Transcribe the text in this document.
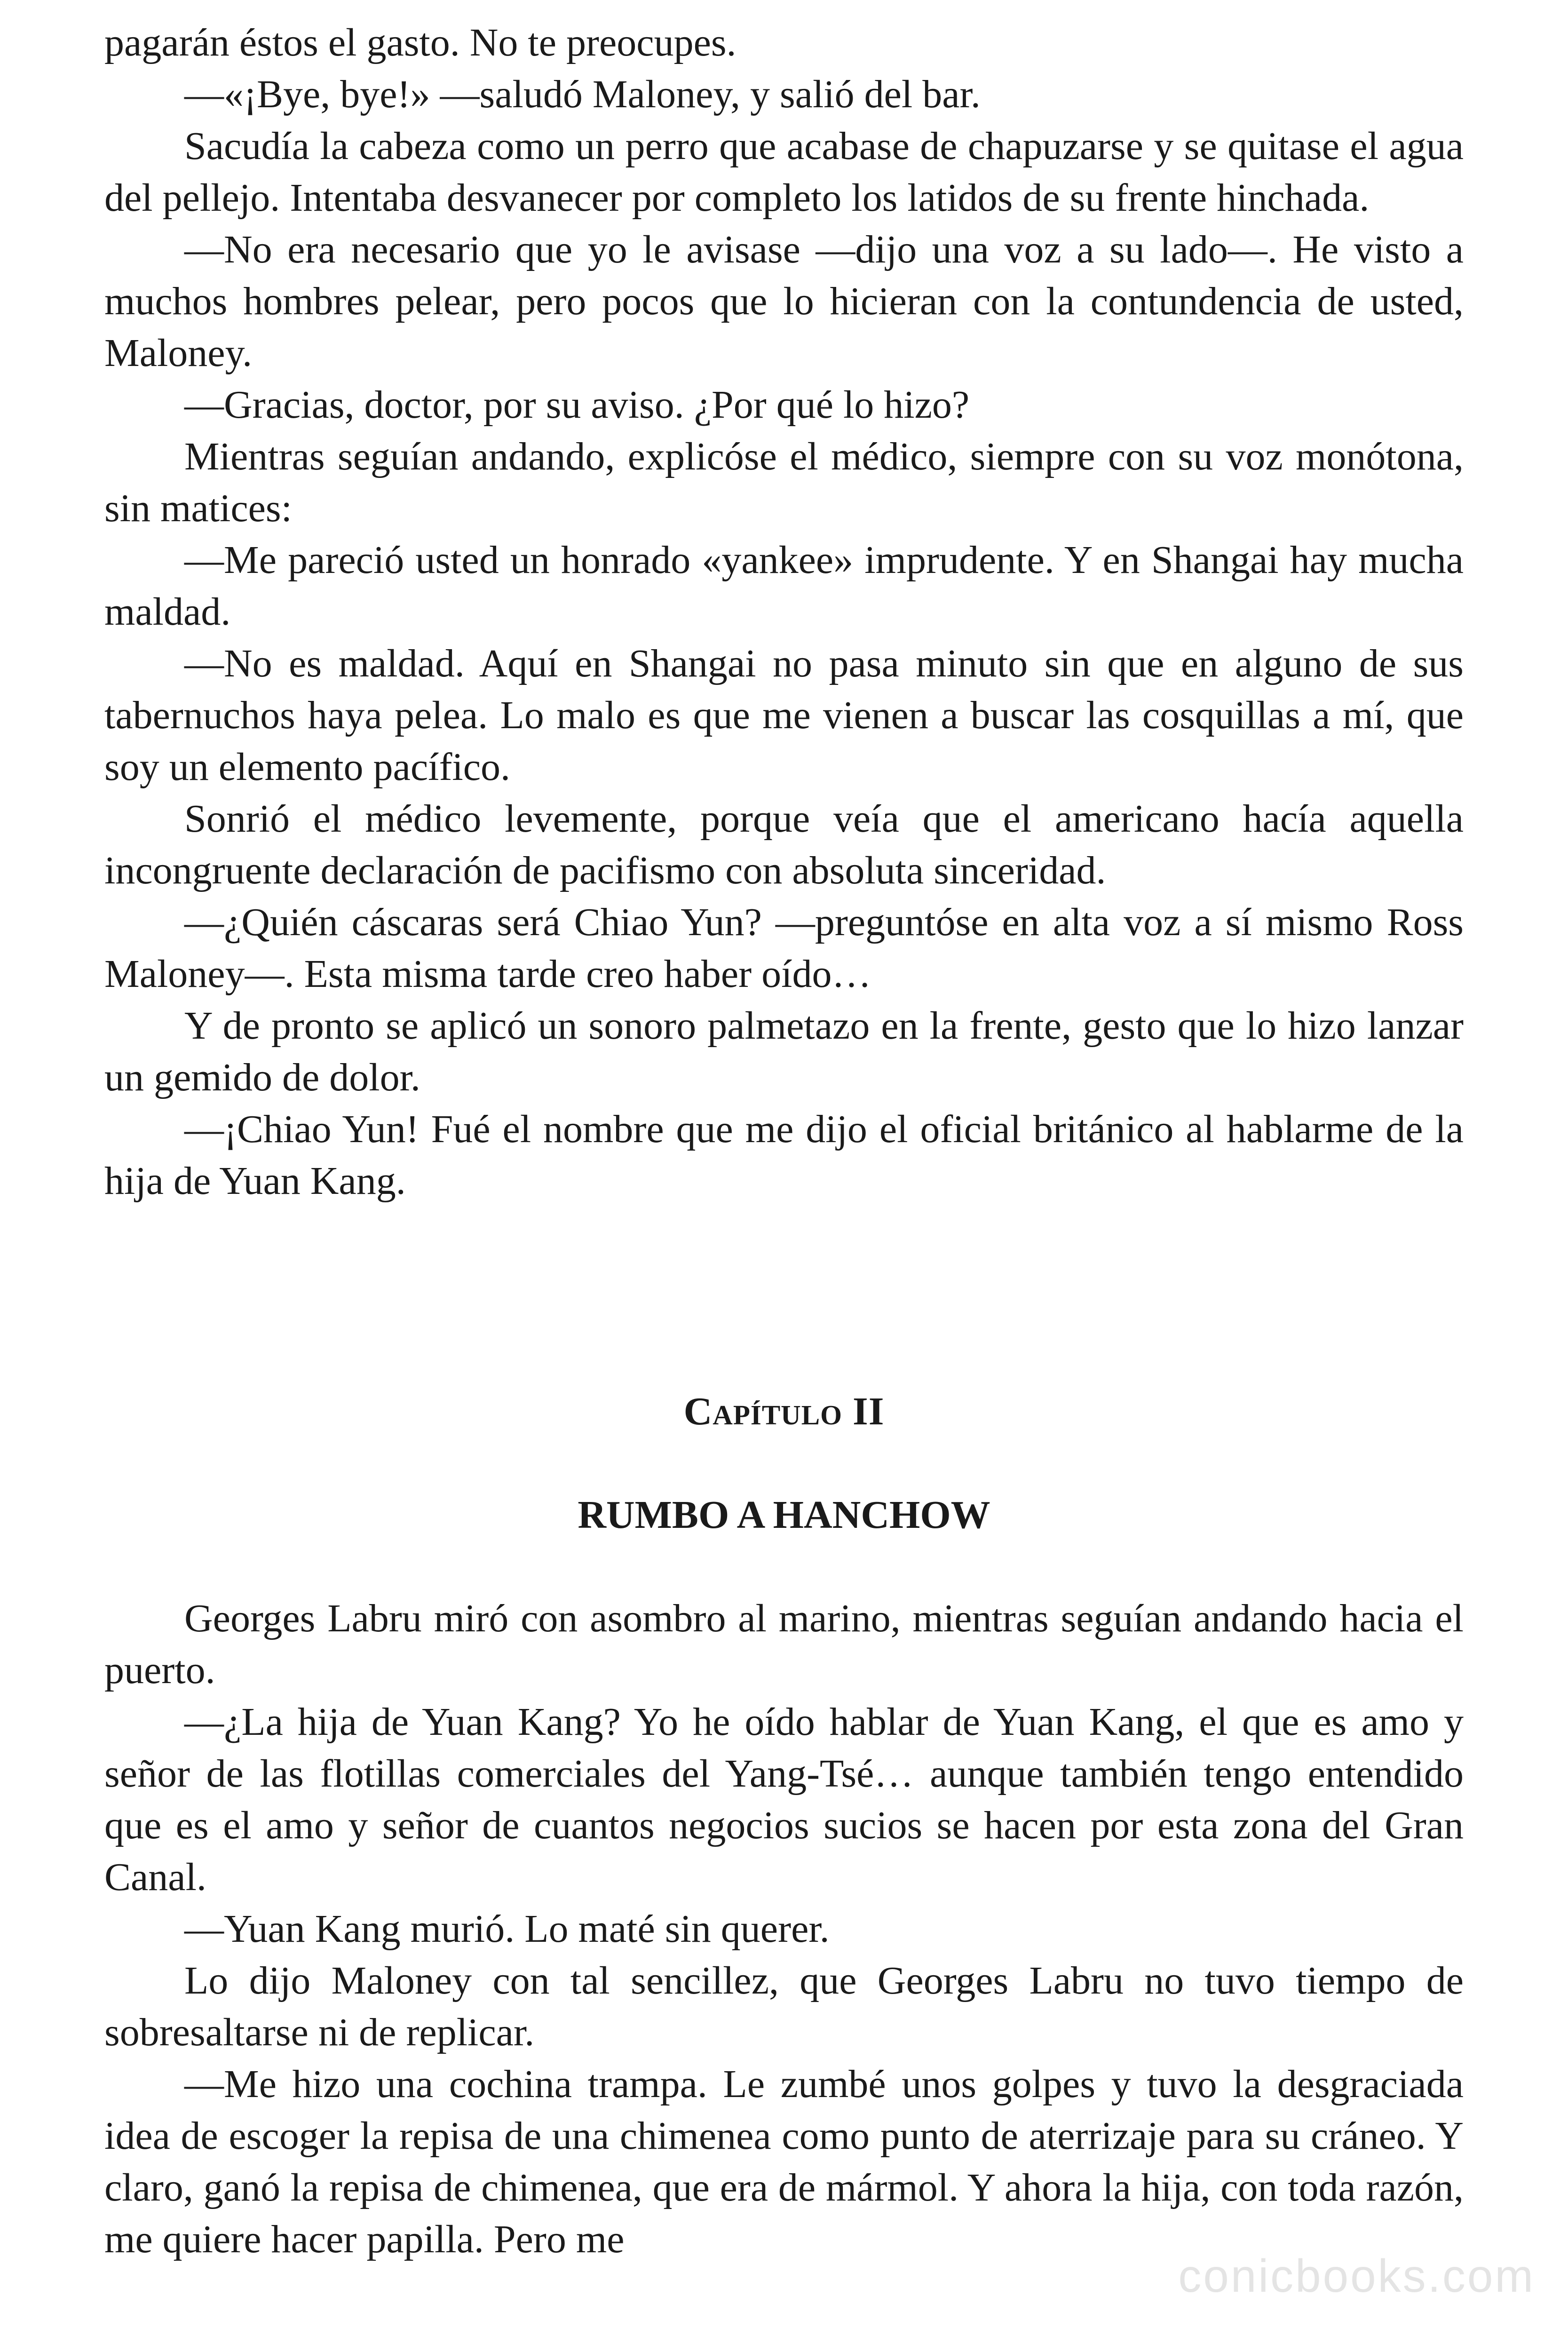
pagarán éstos el gasto. No te preocupes.

—«¡Bye, bye!» —saludó Maloney, y salió del bar.

Sacudía la cabeza como un perro que acabase de chapuzarse y se quitase el agua del pellejo. Intentaba desvanecer por completo los latidos de su frente hinchada.

—No era necesario que yo le avisase —dijo una voz a su lado—. He visto a muchos hombres pelear, pero pocos que lo hicieran con la contundencia de usted, Maloney.

—Gracias, doctor, por su aviso. ¿Por qué lo hizo?

Mientras seguían andando, explicóse el médico, siempre con su voz monótona, sin matices:

—Me pareció usted un honrado «yankee» imprudente. Y en Shangai hay mucha maldad.

—No es maldad. Aquí en Shangai no pasa minuto sin que en alguno de sus tabernuchos haya pelea. Lo malo es que me vienen a buscar las cosquillas a mí, que soy un elemento pacífico.

Sonrió el médico levemente, porque veía que el americano hacía aquella incongruente declaración de pacifismo con absoluta sinceridad.

—¿Quién cáscaras será Chiao Yun? —preguntóse en alta voz a sí mismo Ross Maloney—. Esta misma tarde creo haber oído…

Y de pronto se aplicó un sonoro palmetazo en la frente, gesto que lo hizo lanzar un gemido de dolor.

—¡Chiao Yun! Fué el nombre que me dijo el oficial británico al hablarme de la hija de Yuan Kang.

Capítulo II
RUMBO A HANCHOW

Georges Labru miró con asombro al marino, mientras seguían andando hacia el puerto.

—¿La hija de Yuan Kang? Yo he oído hablar de Yuan Kang, el que es amo y señor de las flotillas comerciales del Yang-Tsé… aunque también tengo entendido que es el amo y señor de cuantos negocios sucios se hacen por esta zona del Gran Canal.

—Yuan Kang murió. Lo maté sin querer.

Lo dijo Maloney con tal sencillez, que Georges Labru no tuvo tiempo de sobresaltarse ni de replicar.

—Me hizo una cochina trampa. Le zumbé unos golpes y tuvo la desgraciada idea de escoger la repisa de una chimenea como punto de aterrizaje para su cráneo. Y claro, ganó la repisa de chimenea, que era de mármol. Y ahora la hija, con toda razón, me quiere hacer papilla. Pero me

conicbooks.com
